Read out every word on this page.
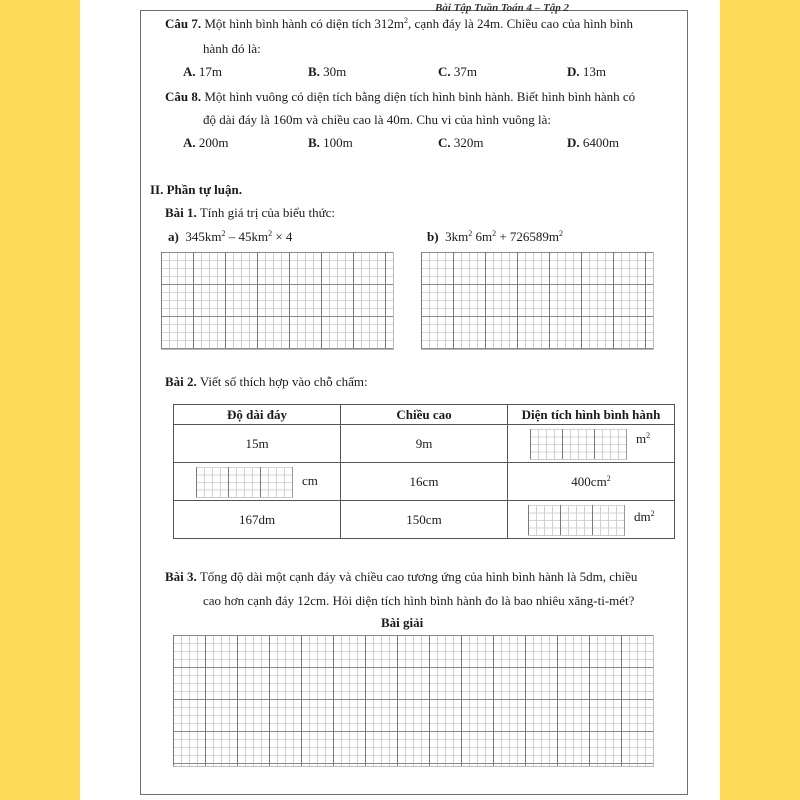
Bài Tập Tuần Toán 4 – Tập 2
Câu 7. Một hình bình hành có diện tích $312m^2$, cạnh đáy là 24m. Chiều cao của hình bình
hành đó là:
A. 17m	B. 30m	C. 37m	D. 13m
Câu 8. Một hình vuông có diện tích bằng diện tích hình bình hành. Biết hình bình hành có
độ dài đáy là 160m và chiều cao là 40m. Chu vi của hình vuông là:
A. 200m	B. 100m	C. 320m	D. 6400m
II. Phần tự luận.
Bài 1. Tính giá trị của biểu thức:
a) $345km^2 - 45km^2 \times 4$	b) $3km^2$ $6m^2 + 726589m^2$
Bài 2. Viết số thích hợp vào chỗ chấm:
Độ dài đáy	Chiều cao	Diện tích hình bình hành
15m	9m	$m^2$

cm	16cm	$400cm^2$
167dm	150cm	$dm^2$
Bài 3. Tổng độ dài một cạnh đáy và chiều cao tương ứng của hình bình hành là 5dm, chiều
cao hơn cạnh đáy 12cm. Hỏi diện tích hình bình hành đo là bao nhiêu xăng-ti-mét?
Bài giải
